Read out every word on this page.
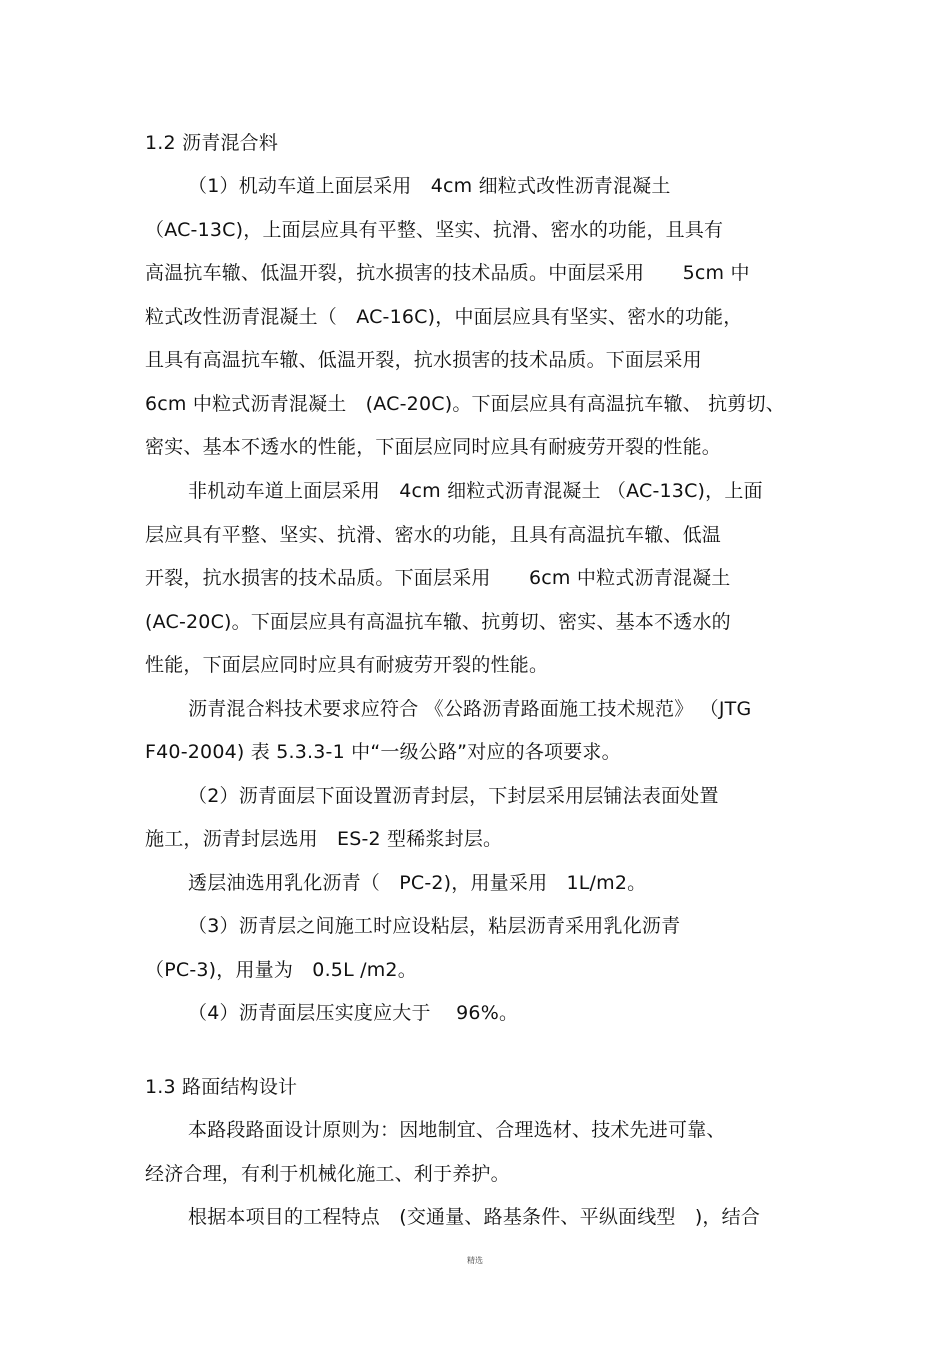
1.2 沥青混合料
（1）机动车道上面层采用　4cm 细粒式改性沥青混凝土
（AC-13C)，上面层应具有平整、坚实、抗滑、密水的功能，且具有
高温抗车辙、低温开裂，抗水损害的技术品质。中面层采用　　5cm 中
粒式改性沥青混凝土（　AC-16C)，中面层应具有坚实、密水的功能，
且具有高温抗车辙、低温开裂，抗水损害的技术品质。下面层采用
6cm 中粒式沥青混凝土　(AC-20C)。下面层应具有高温抗车辙、 抗剪切、
密实、基本不透水的性能，下面层应同时应具有耐疲劳开裂的性能。
非机动车道上面层采用　4cm 细粒式沥青混凝土 （AC-13C)，上面
层应具有平整、坚实、抗滑、密水的功能，且具有高温抗车辙、低温
开裂，抗水损害的技术品质。下面层采用　　6cm 中粒式沥青混凝土
(AC-20C)。下面层应具有高温抗车辙、抗剪切、密实、基本不透水的
性能，下面层应同时应具有耐疲劳开裂的性能。
沥青混合料技术要求应符合 《公路沥青路面施工技术规范》 （JTG
F40-2004) 表 5.3.3-1 中“一级公路”对应的各项要求。
（2）沥青面层下面设置沥青封层，下封层采用层铺法表面处置
施工，沥青封层选用　ES-2 型稀浆封层。
透层油选用乳化沥青（　PC-2)，用量采用　1L/m2。
（3）沥青层之间施工时应设粘层，粘层沥青采用乳化沥青
（PC-3)，用量为　0.5L /m2。
（4）沥青面层压实度应大于　 96%。
1.3 路面结构设计
本路段路面设计原则为：因地制宜、合理选材、技术先进可靠、
经济合理，有利于机械化施工、利于养护。
根据本项目的工程特点　(交通量、路基条件、平纵面线型　)，结合
精选
